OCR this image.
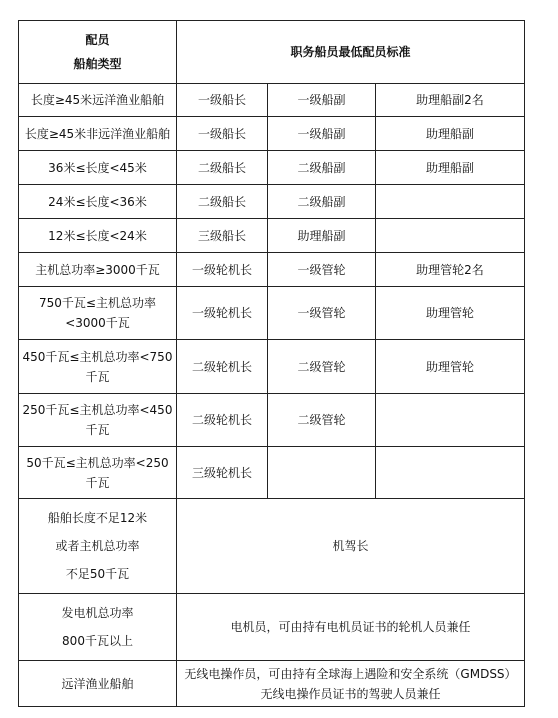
配员
船舶类型	职务船员最低配员标准		
长度≥45米远洋渔业船舶	一级船长	一级船副	助理船副2名
长度≥45米非远洋渔业船舶	一级船长	一级船副	助理船副
36米≤长度<45米	二级船长	二级船副	助理船副
24米≤长度<36米	二级船长	二级船副	
12米≤长度<24米	三级船长	助理船副	
主机总功率≥3000千瓦	一级轮机长	一级管轮	助理管轮2名
750千瓦≤主机总功率<3000千瓦	一级轮机长	一级管轮	助理管轮
450千瓦≤主机总功率<750千瓦	二级轮机长	二级管轮	助理管轮
250千瓦≤主机总功率<450千瓦	二级轮机长	二级管轮	
50千瓦≤主机总功率<250千瓦	三级轮机长		

船舶长度不足12米
或者主机总功率
不足50千瓦	机驾长		

发电机总功率
800千瓦以上	电机员，可由持有电机员证书的轮机人员兼任		
远洋渔业船舶	无线电操作员，可由持有全球海上遇险和安全系统（GMDSS）无线电操作员证书的驾驶人员兼任		
